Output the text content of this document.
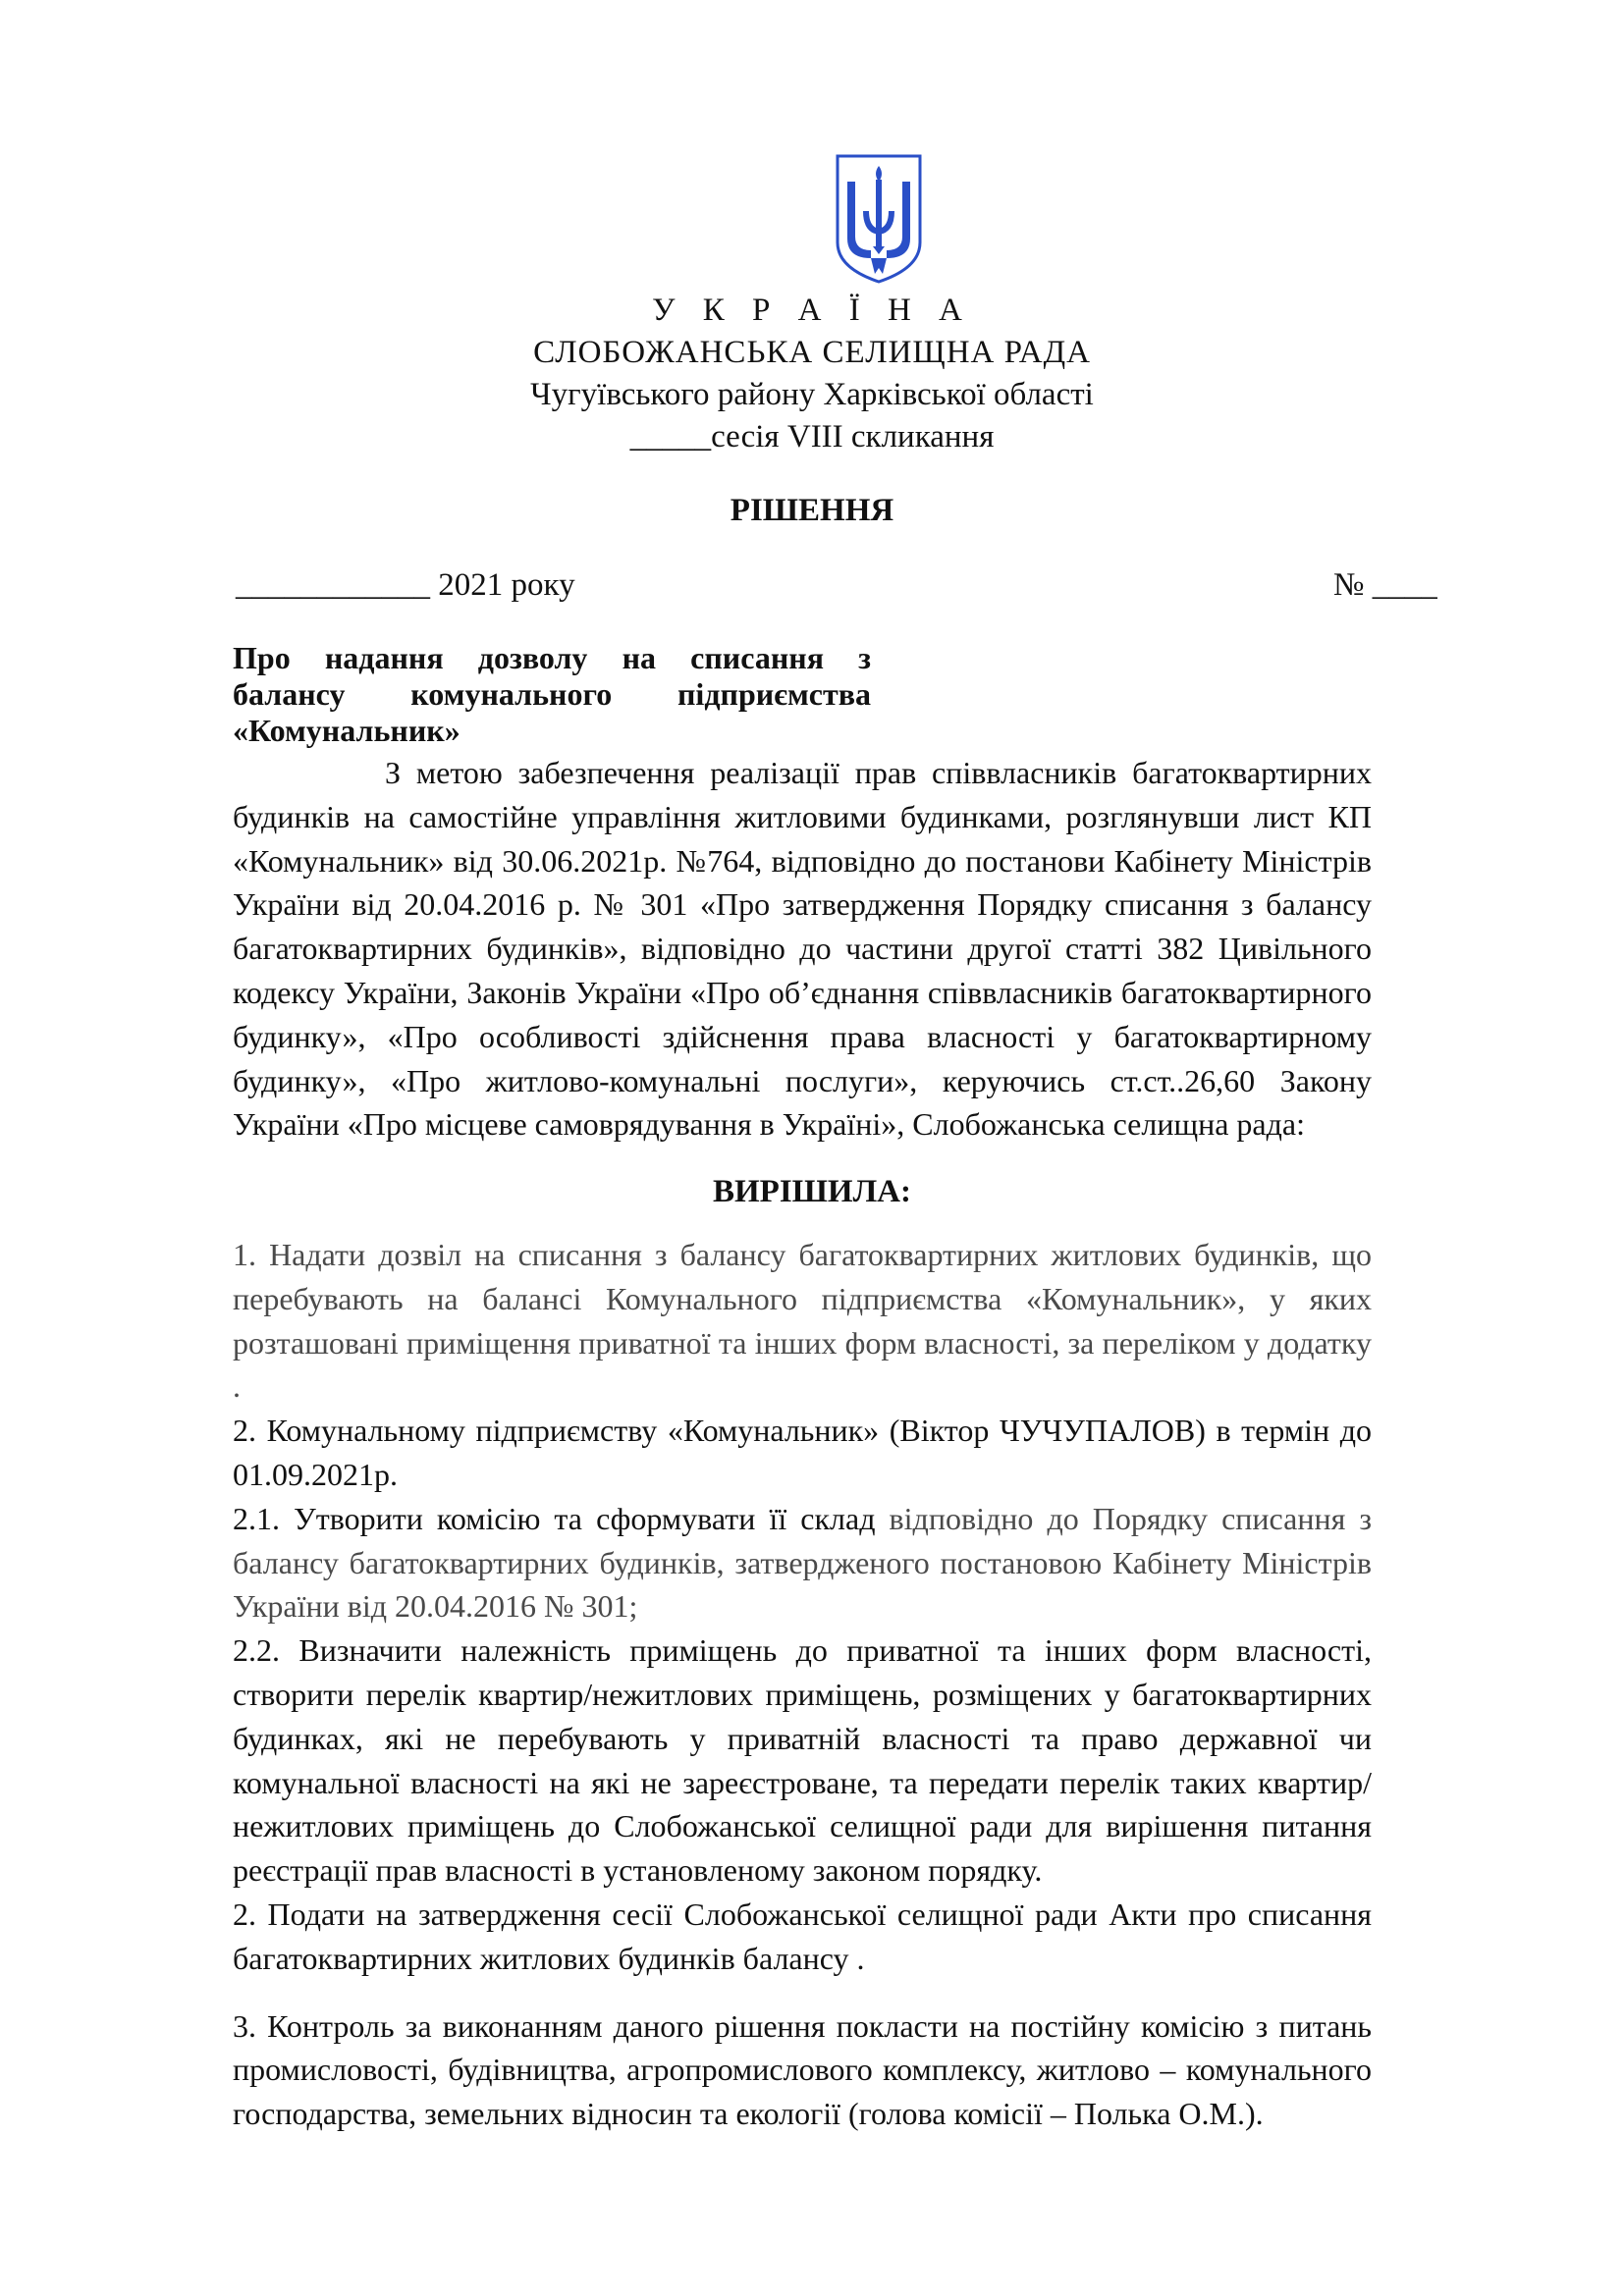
У К Р А Ї Н А
СЛОБОЖАНСЬКА СЕЛИЩНА РАДА
Чугуївського району Харківської області
_____сесія VIII скликання
РІШЕННЯ
____________ 2021 року	№ ____
Про надання дозволу на списання з
балансу комунального підприємства
«Комунальник»
З метою забезпечення реалізації прав співвласників багатоквартирних будинків на самостійне управління житловими будинками, розглянувши лист КП «Комунальник» від 30.06.2021р. №764, відповідно до постанови Кабінету Міністрів України від 20.04.2016 р. № 301 «Про затвердження Порядку списання з балансу багатоквартирних будинків», відповідно до частини другої статті 382 Цивільного кодексу України, Законів України «Про об’єднання співвласників багатоквартирного будинку», «Про особливості здійснення права власності у багатоквартирному будинку», «Про житлово-комунальні послуги», керуючись ст.ст..26,60 Закону України «Про місцеве самоврядування в Україні», Слобожанська селищна рада:
ВИРІШИЛА:

1. Надати дозвіл на списання з балансу багатоквартирних житлових будинків, що перебувають на балансі Комунального підприємства «Комунальник», у яких розташовані приміщення приватної та інших форм власності, за переліком у додатку .

2. Комунальному підприємству «Комунальник» (Віктор ЧУЧУПАЛОВ) в термін до 01.09.2021р.

2.1. Утворити комісію та сформувати її склад відповідно до Порядку списання з балансу багатоквартирних будинків, затвердженого постановою Кабінету Міністрів України від 20.04.2016 № 301;

2.2. Визначити належність приміщень до приватної та інших форм власності, створити перелік квартир/нежитлових приміщень, розміщених у багатоквартирних будинках, які не перебувають у приватній власності та право державної чи комунальної власності на які не зареєстроване, та передати перелік таких квартир/нежитлових приміщень до Слобожанської селищної ради для вирішення питання реєстрації прав власності в установленому законом порядку.

2. Подати на затвердження сесії Слобожанської селищної ради Акти про списання багатоквартирних житлових будинків балансу .

3. Контроль за виконанням даного рішення покласти на постійну комісію з питань промисловості, будівництва, агропромислового комплексу, житлово – комунального господарства, земельних відносин та екології (голова комісії – Полька О.М.).
